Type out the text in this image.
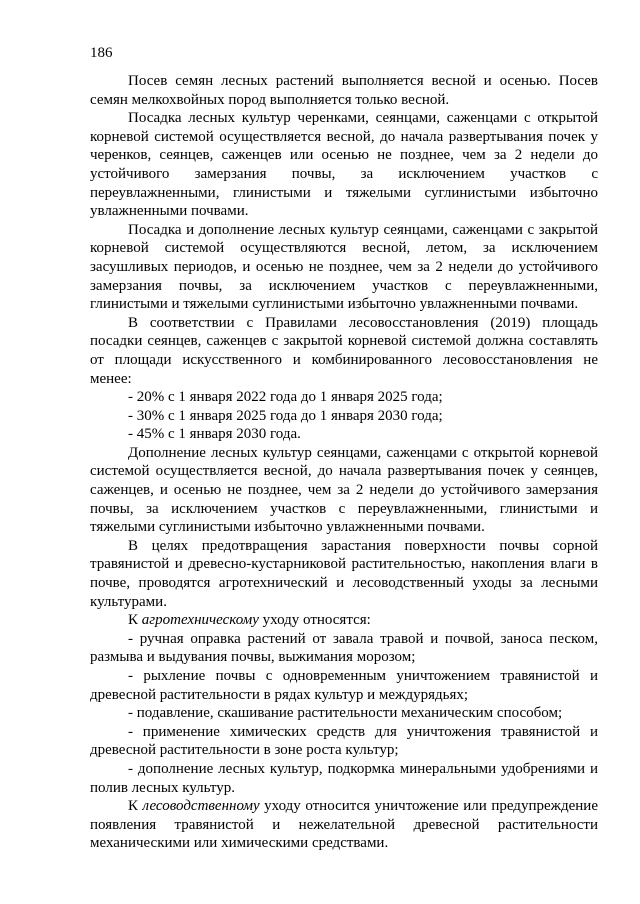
186

Посев семян лесных растений выполняется весной и осенью. Посев семян мелкохвойных пород выполняется только весной.

Посадка лесных культур черенками, сеянцами, саженцами с открытой корневой системой осуществляется весной, до начала развертывания почек у черенков, сеянцев, саженцев или осенью не позднее, чем за 2 недели до устойчивого замерзания почвы, за исключением участков с переувлажненными, глинистыми и тяжелыми суглинистыми избыточно увлажненными почвами.

Посадка и дополнение лесных культур сеянцами, саженцами с закрытой корневой системой осуществляются весной, летом, за исключением засушливых периодов, и осенью не позднее, чем за 2 недели до устойчивого замерзания почвы, за исключением участков с переувлажненными, глинистыми и тяжелыми суглинистыми избыточно увлажненными почвами.

В соответствии с Правилами лесовосстановления (2019) площадь посадки сеянцев, саженцев с закрытой корневой системой должна составлять от площади искусственного и комбинированного лесовосстановления не менее:

- 20% с 1 января 2022 года до 1 января 2025 года;

- 30% с 1 января 2025 года до 1 января 2030 года;

- 45% с 1 января 2030 года.

Дополнение лесных культур сеянцами, саженцами с открытой корневой системой осуществляется весной, до начала развертывания почек у сеянцев, саженцев, и осенью не позднее, чем за 2 недели до устойчивого замерзания почвы, за исключением участков с переувлажненными, глинистыми и тяжелыми суглинистыми избыточно увлажненными почвами.

В целях предотвращения зарастания поверхности почвы сорной травянистой и древесно-кустарниковой растительностью, накопления влаги в почве, проводятся агротехнический и лесоводственный уходы за лесными культурами.

К агротехническому уходу относятся:

- ручная оправка растений от завала травой и почвой, заноса песком, размыва и выдувания почвы, выжимания морозом;

- рыхление почвы с одновременным уничтожением травянистой и древесной растительности в рядах культур и междурядьях;

- подавление, скашивание растительности механическим способом;

- применение химических средств для уничтожения травянистой и древесной растительности в зоне роста культур;

- дополнение лесных культур, подкормка минеральными удобрениями и полив лесных культур.

К лесоводственному уходу относится уничтожение или предупреждение появления травянистой и нежелательной древесной растительности механическими или химическими средствами.
